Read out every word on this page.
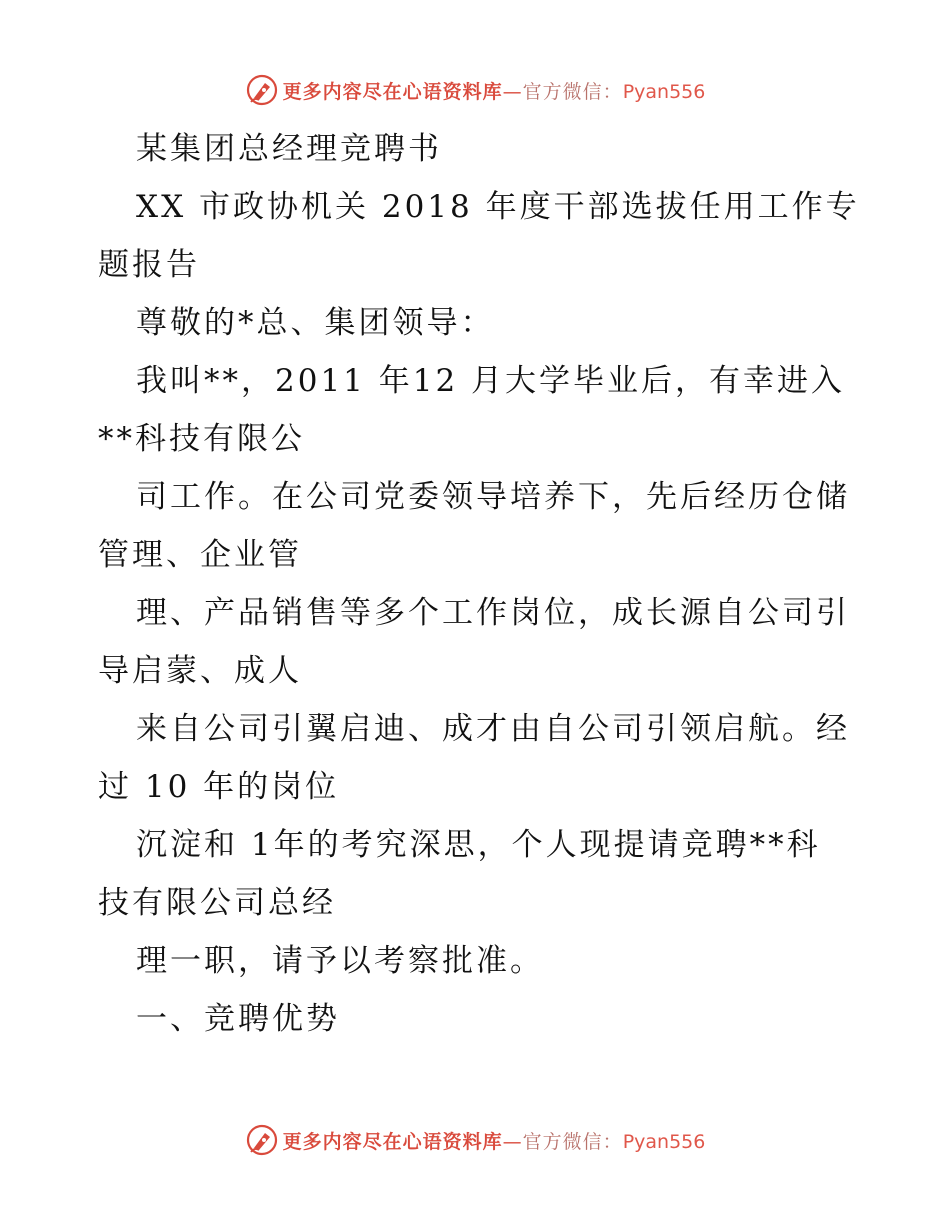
更多内容尽在心语资料库—官方微信：Pyan556
某集团总经理竞聘书
XX 市政协机关 2018 年度干部选拔任用工作专
题报告
尊敬的*总、集团领导：
我叫**，2011 年12 月大学毕业后，有幸进入
**科技有限公
司工作。在公司党委领导培养下，先后经历仓储
管理、企业管
理、产品销售等多个工作岗位，成长源自公司引
导启蒙、成人
来自公司引翼启迪、成才由自公司引领启航。经
过 10 年的岗位
沉淀和 1年的考究深思，个人现提请竞聘**科
技有限公司总经
理一职，请予以考察批准。
一、竞聘优势
更多内容尽在心语资料库—官方微信：Pyan556
